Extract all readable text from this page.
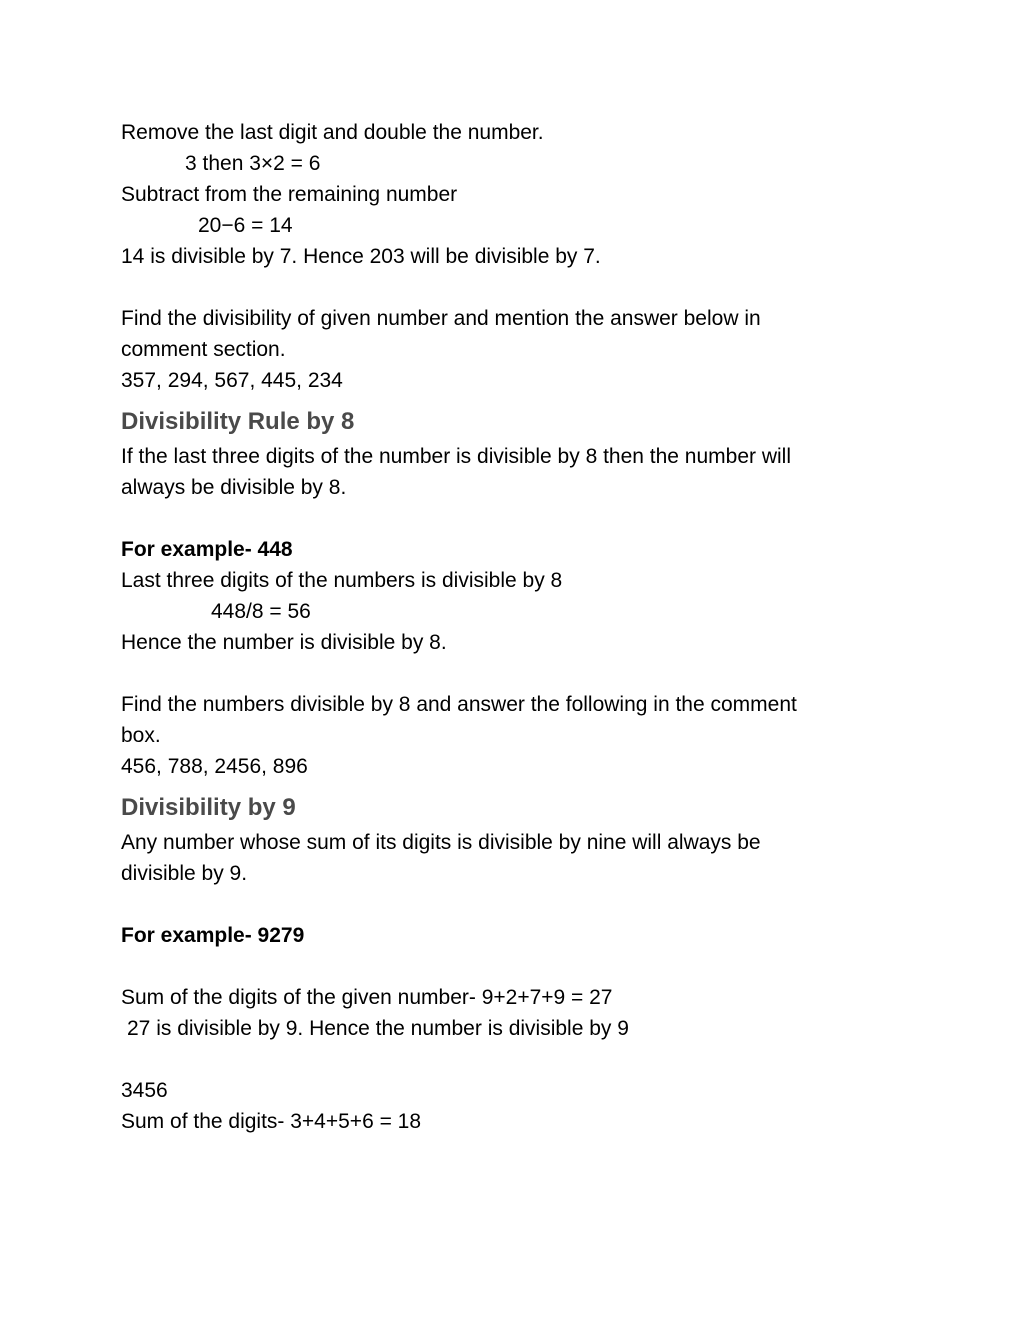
Remove the last digit and double the number.

3 then 3×2 = 6

Subtract from the remaining number

20−6 = 14

14 is divisible by 7. Hence 203 will be divisible by 7.

Find the divisibility of given number and mention the answer below in

comment section.

357, 294, 567, 445, 234

Divisibility Rule by 8

If the last three digits of the number is divisible by 8 then the number will

always be divisible by 8.

For example- 448

Last three digits of the numbers is divisible by 8

448/8 = 56

Hence the number is divisible by 8.

Find the numbers divisible by 8 and answer the following in the comment

box.

456, 788, 2456, 896

Divisibility by 9

Any number whose sum of its digits is divisible by nine will always be

divisible by 9.

For example- 9279

Sum of the digits of the given number- 9+2+7+9 = 27

27 is divisible by 9. Hence the number is divisible by 9

3456

Sum of the digits- 3+4+5+6 = 18
